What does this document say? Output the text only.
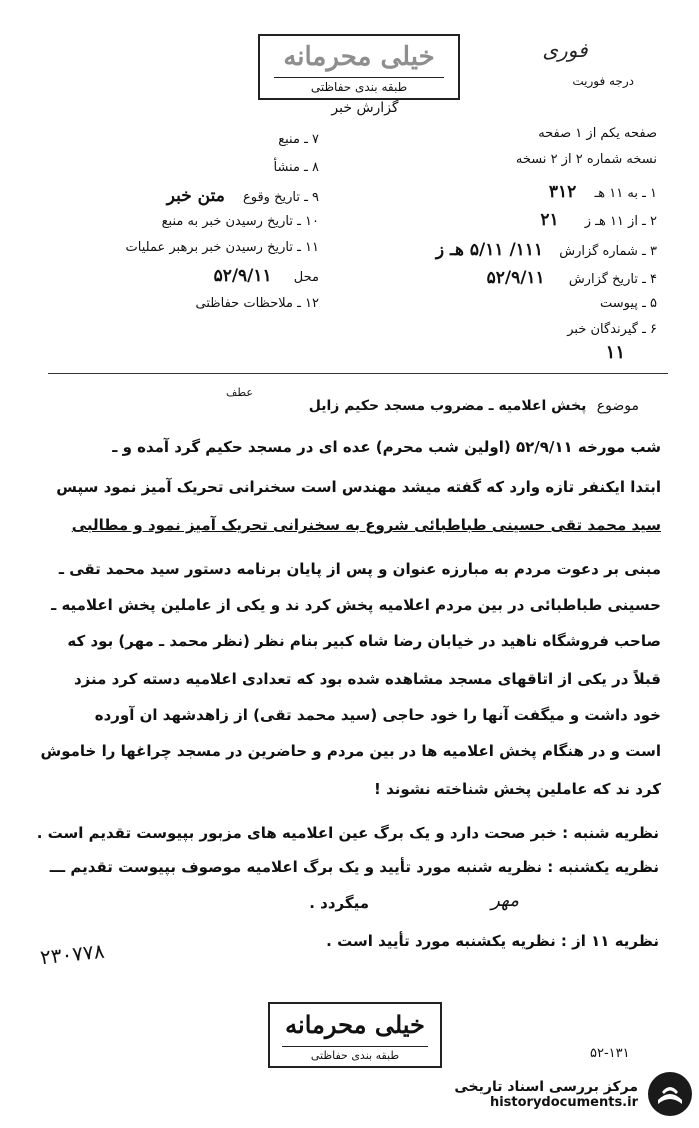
خیلی محرمانه
طبقه بندی حفاظتی
گزارش خبر
فوری
درجه فوریت
صفحه یکم از ۱ صفحه
نسخه شماره ۲ از ۲ نسخه
۱ ـ به ۱۱ هـ ۳۱۲
۲ ـ از ۱۱ هـ ز ۲۱
۳ ـ شماره گزارش ۱۱۱/ ۵/۱۱ هـ ز
۴ ـ تاریخ گزارش ۵۲/۹/۱۱
۵ ـ پیوست
۶ ـ گیرندگان خبر
۱۱
۷ ـ منبع
۸ ـ منشأ
۹ ـ تاریخ وقوع متن خبر
۱۰ ـ تاریخ رسیدن خبر به منبع
۱۱ ـ تاریخ رسیدن خبر برهبر عملیات
محل ۵۲/۹/۱۱
۱۲ ـ ملاحظات حفاظتی
عطف
موضوع پخش اعلامیه ـ مضروب مسجد حکیم زایل
شب مورخه ۵۲/۹/۱۱ (اولین شب محرم) عده ای در مسجد حکیم گرد آمده و ـ
ابتدا ایکنفر تازه وارد که گفته میشد مهندس است سخنرانی تحریک آمیز نمود سپس
سید محمد تقی حسینی طباطبائی شروع به سخنرانی تحریک آمیز نمود و مطالبی
مبنی بر دعوت مردم به مبارزه عنوان و پس از پایان برنامه دستور سید محمد تقی ـ
حسینی طباطبائی در بین مردم اعلامیه پخش کرد ند و یکی از عاملین پخش اعلامیه ـ
صاحب فروشگاه ناهید در خیابان رضا شاه کبیر بنام نظر (نظر محمد ـ مهر) بود که
قبلاً در یکی از اتاقهای مسجد مشاهده شده بود که تعدادی اعلامیه دسته کرد منزد
خود داشت و میگفت آنها را خود حاجی (سید محمد تقی) از زاهدشهد ان آورده
است و در هنگام پخش اعلامیه ها در بین مردم و حاضرین در مسجد چراغها را خاموش
کرد ند که عاملین پخش شناخته نشوند !
نظریه شنبه : خبر صحت دارد و یک برگ عین اعلامیه های مزبور بپیوست تقدیم است .
نظریه یکشنبه : نظریه شنبه مورد تأیید و یک برگ اعلامیه موصوف بپیوست تقدیم ـــ
میگردد .	مهر
نظریه ۱۱ از : نظریه یکشنبه مورد تأیید است .
۲۳۰۷۷۸
خیلی محرمانه
طبقه بندی حفاظتی	۵۲-۱۳۱
مرکز بررسی اسناد تاریخی
historydocuments.ir
